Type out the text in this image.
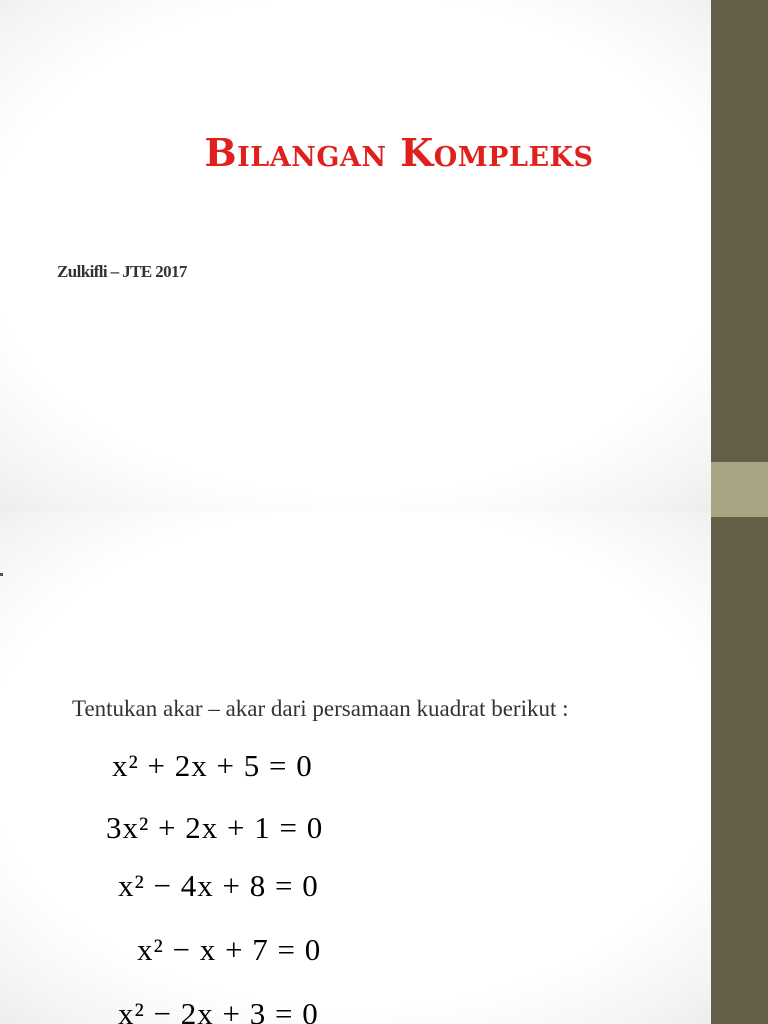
Bilangan Kompleks
Zulkifli – JTE 2017
Tentukan akar – akar dari persamaan kuadrat berikut :
x² + 2x + 5 = 0
3x² + 2x + 1 = 0
x² − 4x + 8 = 0
x² − x + 7 = 0
x² − 2x + 3 = 0
